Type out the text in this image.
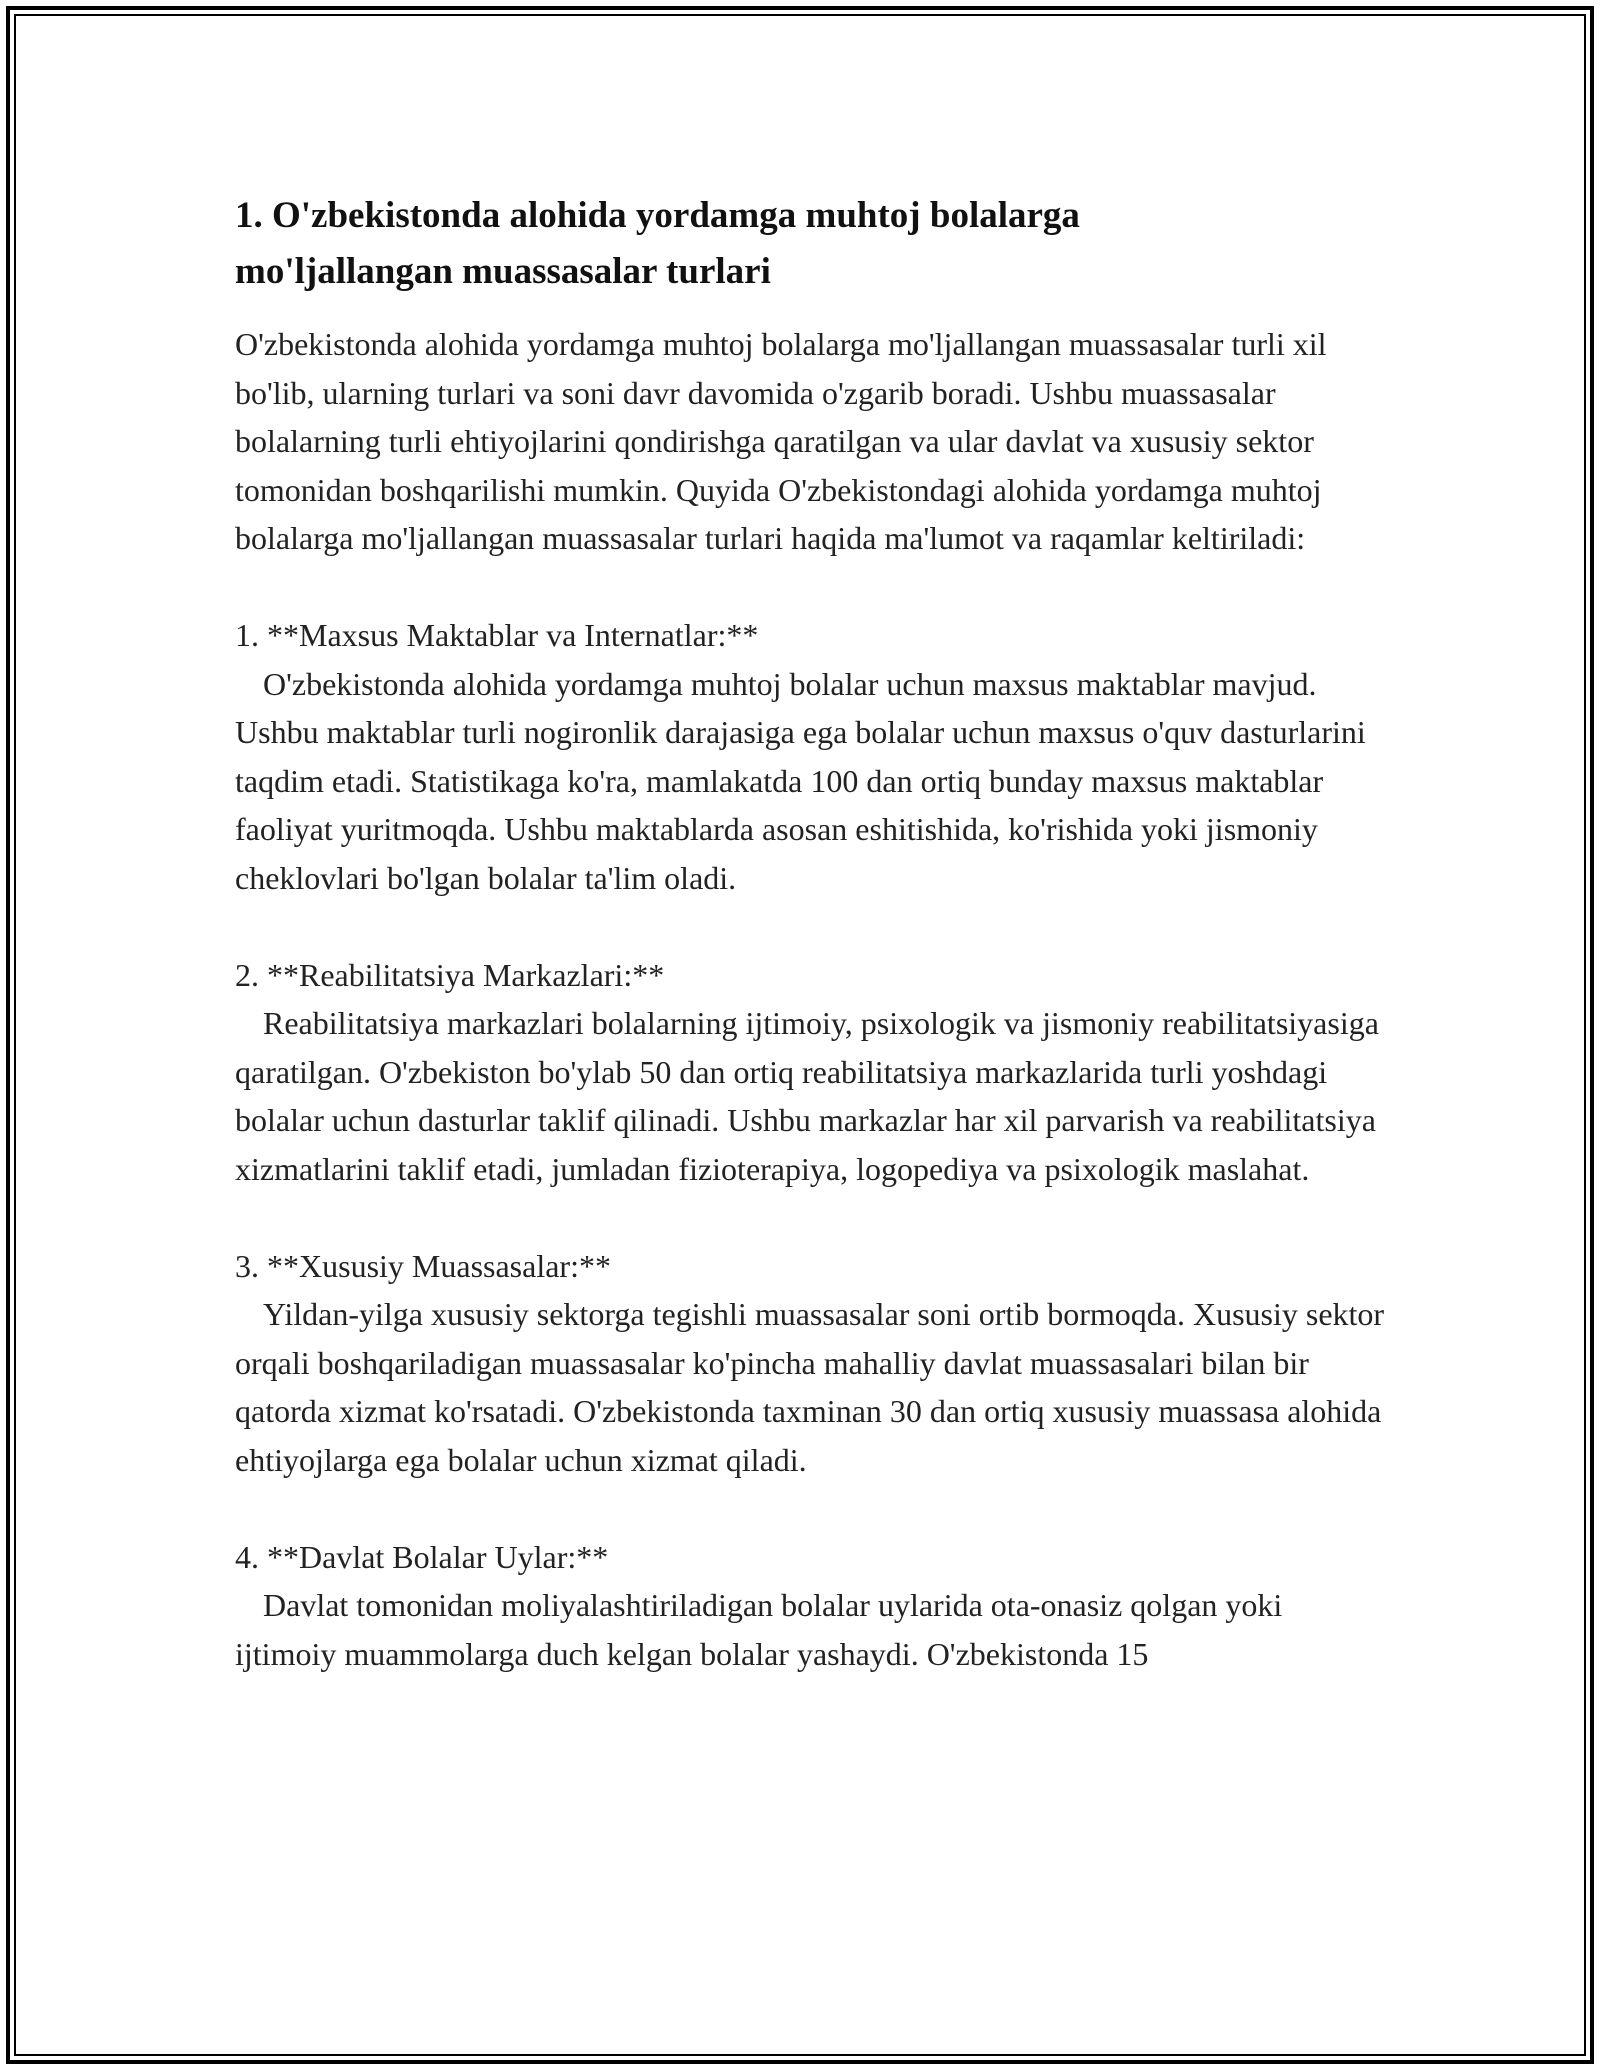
1. O'zbekistonda alohida yordamga muhtoj bolalarga mo'ljallangan muassasalar turlari

O'zbekistonda alohida yordamga muhtoj bolalarga mo'ljallangan muassasalar turli xil bo'lib, ularning turlari va soni davr davomida o'zgarib boradi. Ushbu muassasalar bolalarning turli ehtiyojlarini qondirishga qaratilgan va ular davlat va xususiy sektor tomonidan boshqarilishi mumkin. Quyida O'zbekistondagi alohida yordamga muhtoj bolalarga mo'ljallangan muassasalar turlari haqida ma'lumot va raqamlar keltiriladi:

1. **Maxsus Maktablar va Internatlar:**

O'zbekistonda alohida yordamga muhtoj bolalar uchun maxsus maktablar mavjud. Ushbu maktablar turli nogironlik darajasiga ega bolalar uchun maxsus o'quv dasturlarini taqdim etadi. Statistikaga ko'ra, mamlakatda 100 dan ortiq bunday maxsus maktablar faoliyat yuritmoqda. Ushbu maktablarda asosan eshitishida, ko'rishida yoki jismoniy cheklovlari bo'lgan bolalar ta'lim oladi.

2. **Reabilitatsiya Markazlari:**

Reabilitatsiya markazlari bolalarning ijtimoiy, psixologik va jismoniy reabilitatsiyasiga qaratilgan. O'zbekiston bo'ylab 50 dan ortiq reabilitatsiya markazlarida turli yoshdagi bolalar uchun dasturlar taklif qilinadi. Ushbu markazlar har xil parvarish va reabilitatsiya xizmatlarini taklif etadi, jumladan fizioterapiya, logopediya va psixologik maslahat.

3. **Xususiy Muassasalar:**

Yildan-yilga xususiy sektorga tegishli muassasalar soni ortib bormoqda. Xususiy sektor orqali boshqariladigan muassasalar ko'pincha mahalliy davlat muassasalari bilan bir qatorda xizmat ko'rsatadi. O'zbekistonda taxminan 30 dan ortiq xususiy muassasa alohida ehtiyojlarga ega bolalar uchun xizmat qiladi.

4. **Davlat Bolalar Uylar:**

Davlat tomonidan moliyalashtiriladigan bolalar uylarida ota-onasiz qolgan yoki ijtimoiy muammolarga duch kelgan bolalar yashaydi. O'zbekistonda 15
